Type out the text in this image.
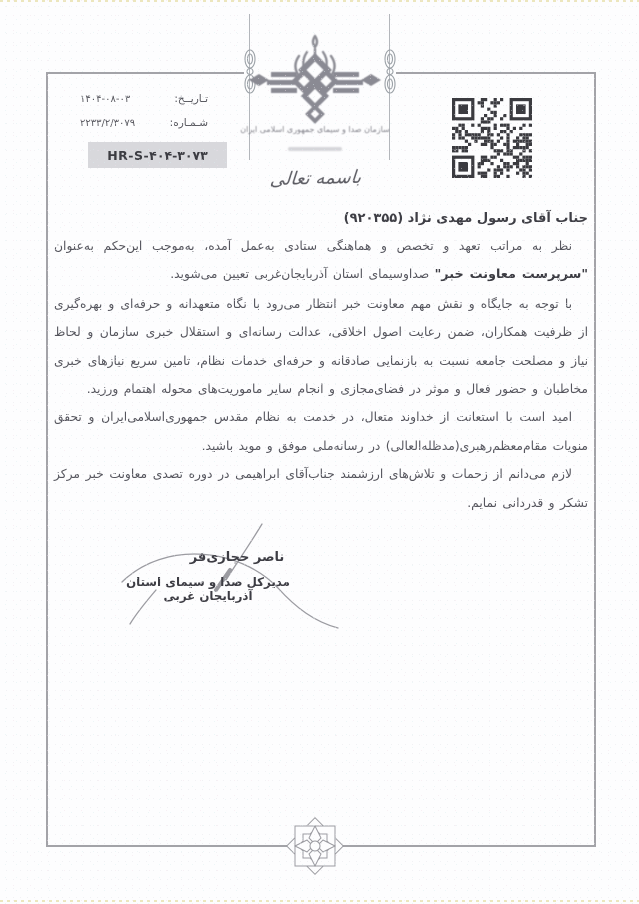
سازمان صدا و سیمای جمهوری اسلامی ایران
تـاریــخ:
۱۴۰۴-۰۸-۰۳
شـمـاره:
۲۲۳۳/۲/۳۰۷۹
HR-S-۴۰۴-۳۰۷۳
باسمه تعالی

جناب آقای رسول مهدی نژاد (۹۲۰۳۵۵)

نظر به مراتب تعهد و تخصص و هماهنگی ستادی به‌عمل آمده، به‌موجب این‌حکم به‌عنوان "سرپرست معاونت خبر" صداوسیمای استان آذربایجان‌غربی تعیین می‌شوید.

با توجه به جایگاه و نقش مهم معاونت خبر انتظار می‌رود با نگاه متعهدانه و حرفه‌ای و بهره‌گیری از ظرفیت همکاران، ضمن رعایت اصول اخلاقی، عدالت رسانه‌ای و استقلال خبری سازمان و لحاظ نیاز و مصلحت جامعه نسبت به بازنمایی صادقانه و حرفه‌ای خدمات نظام، تامین سریع نیازهای خبری مخاطبان و حضور فعال و موثر در فضای‌مجازی و انجام سایر ماموریت‌های محوله اهتمام ورزید.

امید است با استعانت از خداوند متعال، در خدمت به نظام مقدس جمهوری‌اسلامی‌ایران و تحقق منویات مقام‌معظم‌رهبری(مدظله‌العالی) در رسانه‌ملی موفق و موید باشید.

لازم می‌دانم از زحمات و تلاش‌های ارزشمند جناب‌آقای ابراهیمی در دوره تصدی معاونت خبر مرکز تشکر و قدردانی نمایم.

ناصر حجازی‌فر
مدیرکل صدا و سیمای استان آذربایجان غربی
